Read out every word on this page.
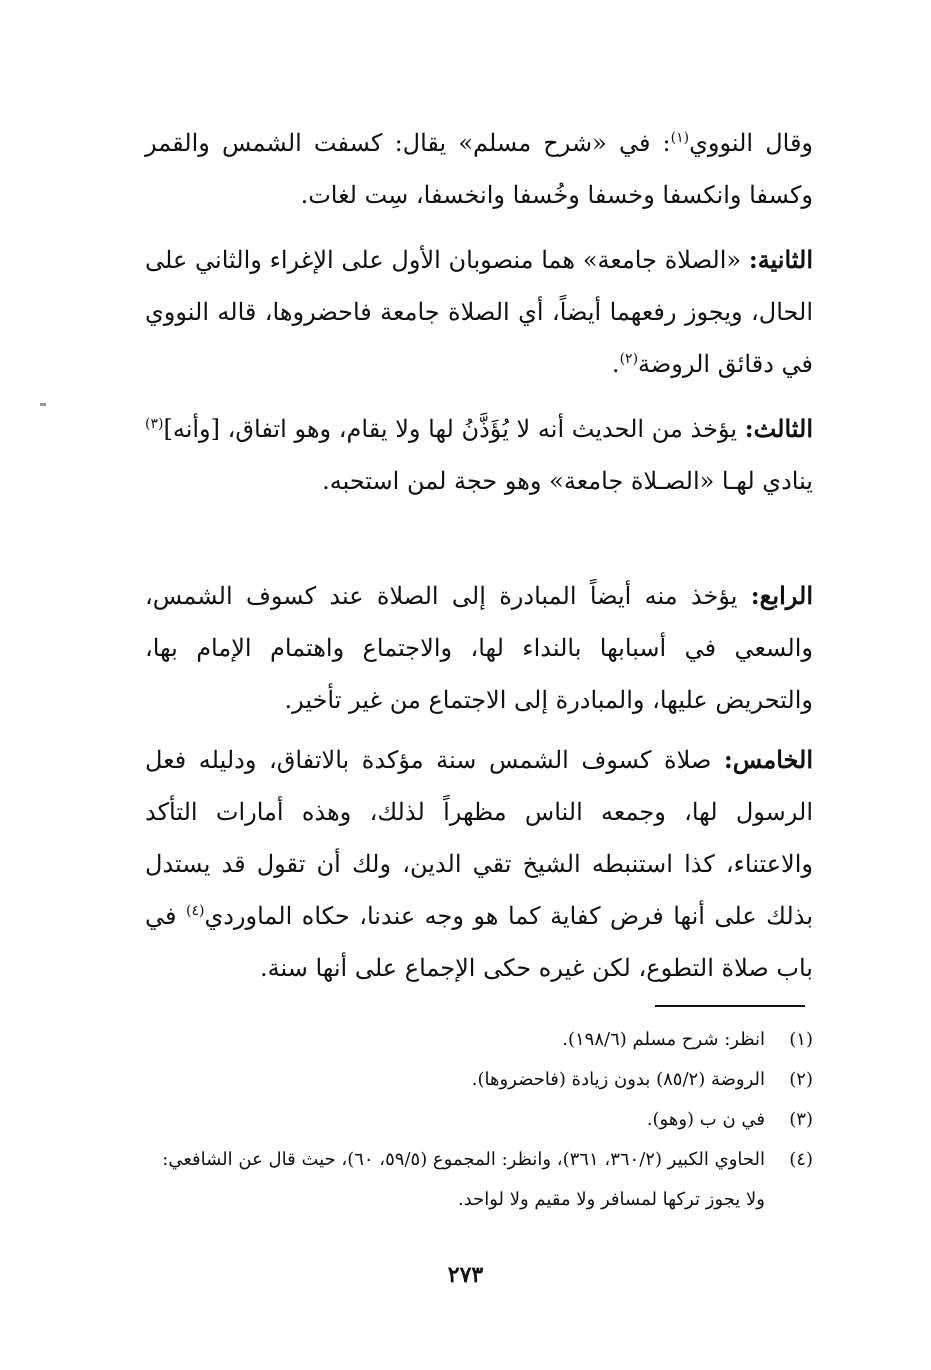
وقال النووي$^{(١)}$: في «شرح مسلم» يقال: كسفت الشمس والقمر وكسفا وانكسفا وخسفا وخُسفا وانخسفا، سِت لغات.

الثانية: «الصلاة جامعة» هما منصوبان الأول على الإغراء والثاني على الحال، ويجوز رفعهما أيضاً، أي الصلاة جامعة فاحضروها، قاله النووي في دقائق الروضة$^{(٢)}$.

الثالث: يؤخذ من الحديث أنه لا يُؤَذَّنُ لها ولا يقام، وهو اتفاق، [وأنه]$^{(٣)}$ ينادي لهـا «الصـلاة جامعة» وهو حجة لمن استحبه.

الرابع: يؤخذ منه أيضاً المبادرة إلى الصلاة عند كسوف الشمس، والسعي في أسبابها بالنداء لها، والاجتماع واهتمام الإمام بها، والتحريض عليها، والمبادرة إلى الاجتماع من غير تأخير.

الخامس: صلاة كسوف الشمس سنة مؤكدة بالاتفاق، ودليله فعل الرسول لها، وجمعه الناس مظهراً لذلك، وهذه أمارات التأكد والاعتناء، كذا استنبطه الشيخ تقي الدين، ولك أن تقول قد يستدل بذلك على أنها فرض كفاية كما هو وجه عندنا، حكاه الماوردي$^{(٤)}$ في باب صلاة التطوع، لكن غيره حكى الإجماع على أنها سنة.

(١)
انظر: شرح مسلم (١٩٨/٦).
(٢)
الروضة (٨٥/٢) بدون زيادة (فاحضروها).
(٣)
في ن ب (وهو).
(٤)
الحاوي الكبير (٣٦٠/٢، ٣٦١)، وانظر: المجموع (٥٩/٥، ٦٠)، حيث قال عن الشافعي: ولا يجوز تركها لمسافر ولا مقيم ولا لواحد.
٢٧٣
